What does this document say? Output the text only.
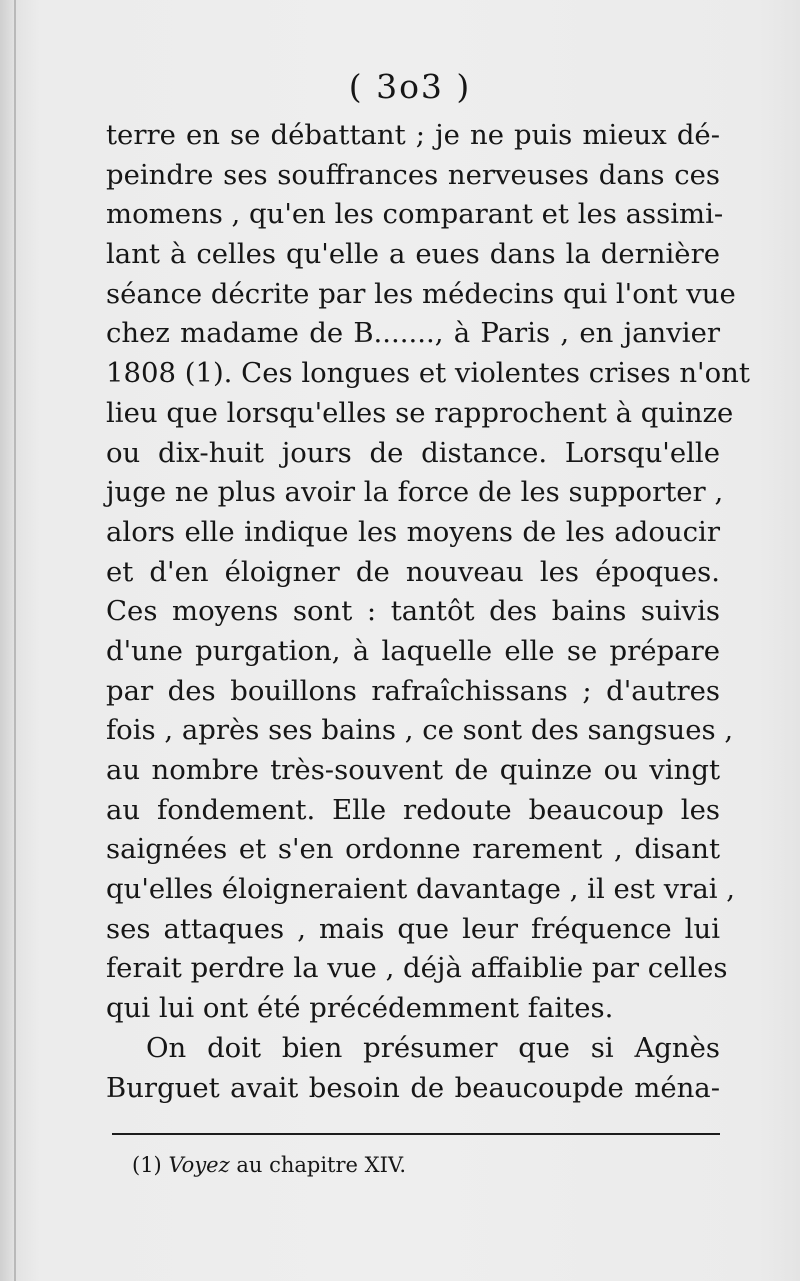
( 3o3 )
terre en se débattant ; je ne puis mieux dé-
peindre ses souffrances nerveuses dans ces
momens , qu'en les comparant et les assimi-
lant à celles qu'elle a eues dans la dernière
séance décrite par les médecins qui l'ont vue
chez madame de B......., à Paris , en janvier
1808 (1). Ces longues et violentes crises n'ont
lieu que lorsqu'elles se rapprochent à quinze
ou dix-huit jours de distance. Lorsqu'elle
juge ne plus avoir la force de les supporter ,
alors elle indique les moyens de les adoucir
et d'en éloigner de nouveau les époques.
Ces moyens sont : tantôt des bains suivis
d'une purgation, à laquelle elle se prépare
par des bouillons rafraîchissans ; d'autres
fois , après ses bains , ce sont des sangsues ,
au nombre très-souvent de quinze ou vingt
au fondement. Elle redoute beaucoup les
saignées et s'en ordonne rarement , disant
qu'elles éloigneraient davantage , il est vrai ,
ses attaques , mais que leur fréquence lui
ferait perdre la vue , déjà affaiblie par celles
qui lui ont été précédemment faites.
On doit bien présumer que si Agnès
Burguet avait besoin de beaucoupde ména-
(1) Voyez au chapitre XIV.
